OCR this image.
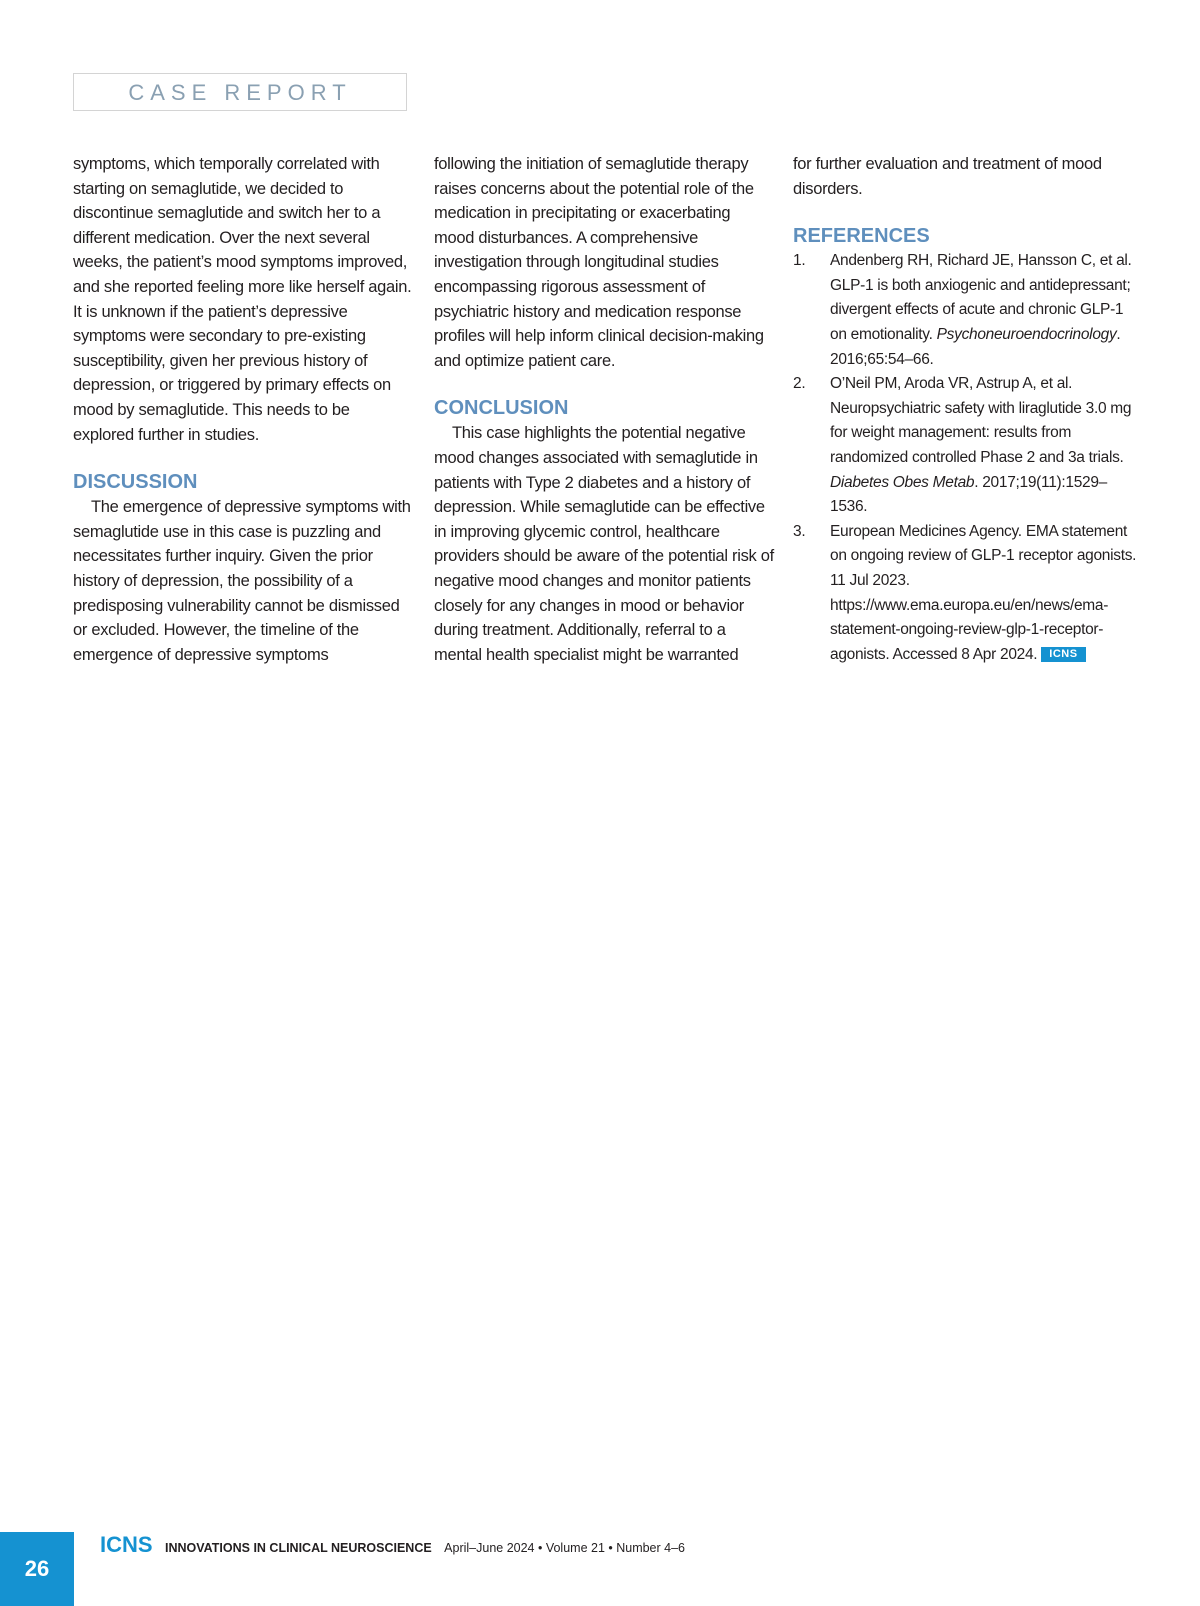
CASE REPORT

symptoms, which temporally correlated with starting on semaglutide, we decided to discontinue semaglutide and switch her to a different medication. Over the next several weeks, the patient’s mood symptoms improved, and she reported feeling more like herself again. It is unknown if the patient’s depressive symptoms were secondary to pre-existing susceptibility, given her previous history of depression, or triggered by primary effects on mood by semaglutide. This needs to be explored further in studies.

DISCUSSION

The emergence of depressive symptoms with semaglutide use in this case is puzzling and necessitates further inquiry. Given the prior history of depression, the possibility of a predisposing vulnerability cannot be dismissed or excluded. However, the timeline of the emergence of depressive symptoms

following the initiation of semaglutide therapy raises concerns about the potential role of the medication in precipitating or exacerbating mood disturbances. A comprehensive investigation through longitudinal studies encompassing rigorous assessment of psychiatric history and medication response profiles will help inform clinical decision-making and optimize patient care.

CONCLUSION

This case highlights the potential negative mood changes associated with semaglutide in patients with Type 2 diabetes and a history of depression. While semaglutide can be effective in improving glycemic control, healthcare providers should be aware of the potential risk of negative mood changes and monitor patients closely for any changes in mood or behavior during treatment. Additionally, referral to a mental health specialist might be warranted

for further evaluation and treatment of mood disorders.

REFERENCES
1. Andenberg RH, Richard JE, Hansson C, et al. GLP-1 is both anxiogenic and antidepressant; divergent effects of acute and chronic GLP-1 on emotionality. Psychoneuroendocrinology. 2016;65:54–66.
2. O’Neil PM, Aroda VR, Astrup A, et al. Neuropsychiatric safety with liraglutide 3.0 mg for weight management: results from randomized controlled Phase 2 and 3a trials. Diabetes Obes Metab. 2017;19(11):1529–1536.
3. European Medicines Agency. EMA statement on ongoing review of GLP-1 receptor agonists. 11 Jul 2023. https://www.ema.europa.eu/en/news/ema-statement-ongoing-review-glp-1-receptor-agonists. Accessed 8 Apr 2024. ICNS
26
ICNS INNOVATIONS IN CLINICAL NEUROSCIENCE April–June 2024 • Volume 21 • Number 4–6
